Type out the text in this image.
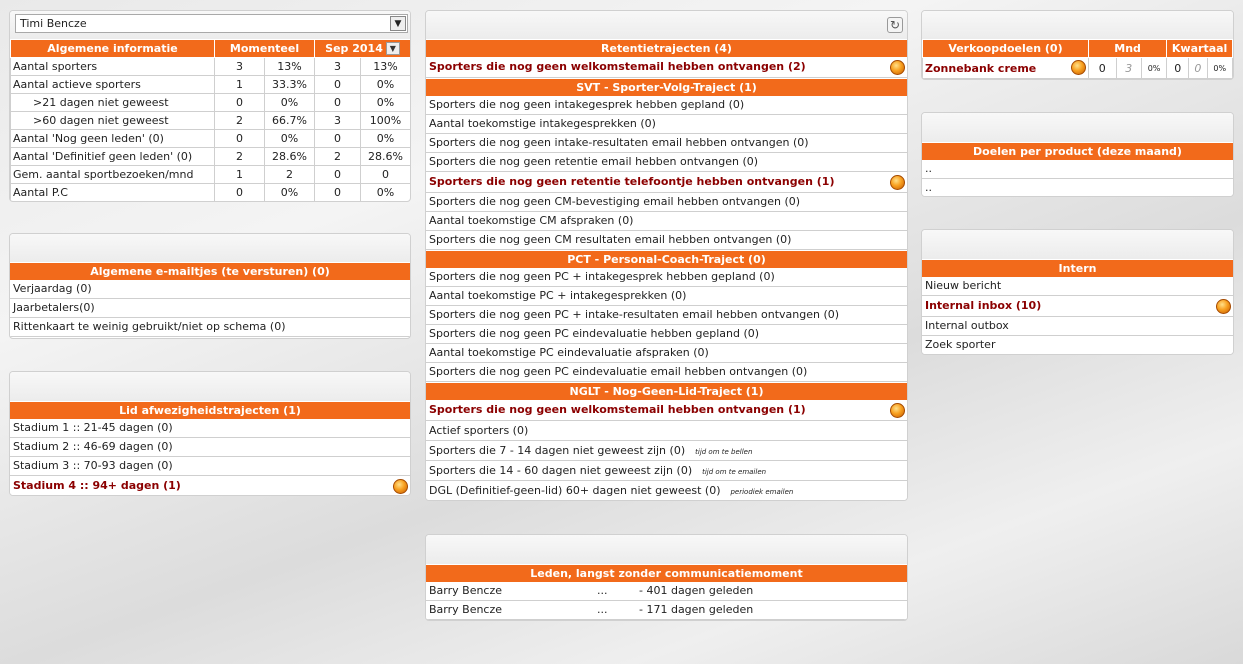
Timi Bencze	▼
Algemene informatie	Momenteel		Sep 2014 ▼	
Aantal sporters	3	13%	3	13%
Aantal actieve sporters	1	33.3%	0	0%
>21 dagen niet geweest	0	0%	0	0%
>60 dagen niet geweest	2	66.7%	3	100%
Aantal 'Nog geen leden' (0)	0	0%	0	0%
Aantal 'Definitief geen leden' (0)	2	28.6%	2	28.6%
Gem. aantal sportbezoeken/mnd	1	2	0	0
Aantal P.C	0	0%	0	0%
Algemene e-mailtjes (te versturen) (0)
Verjaardag (0)
Jaarbetalers(0)
Rittenkaart te weinig gebruikt/niet op schema (0)
Lid afwezigheidstrajecten (1)
Stadium 1 :: 21-45 dagen (0)
Stadium 2 :: 46-69 dagen (0)
Stadium 3 :: 70-93 dagen (0)
Stadium 4 :: 94+ dagen (1)
↻
Retentietrajecten (4)
Sporters die nog geen welkomstemail hebben ontvangen (2)
SVT - Sporter-Volg-Traject (1)
Sporters die nog geen intakegesprek hebben gepland (0)
Aantal toekomstige intakegesprekken (0)
Sporters die nog geen intake-resultaten email hebben ontvangen (0)
Sporters die nog geen retentie email hebben ontvangen (0)
Sporters die nog geen retentie telefoontje hebben ontvangen (1)
Sporters die nog geen CM-bevestiging email hebben ontvangen (0)
Aantal toekomstige CM afspraken (0)
Sporters die nog geen CM resultaten email hebben ontvangen (0)
PCT - Personal-Coach-Traject (0)
Sporters die nog geen PC + intakegesprek hebben gepland (0)
Aantal toekomstige PC + intakegesprekken (0)
Sporters die nog geen PC + intake-resultaten email hebben ontvangen (0)
Sporters die nog geen PC eindevaluatie hebben gepland (0)
Aantal toekomstige PC eindevaluatie afspraken (0)
Sporters die nog geen PC eindevaluatie email hebben ontvangen (0)
NGLT - Nog-Geen-Lid-Traject (1)
Sporters die nog geen welkomstemail hebben ontvangen (1)
Actief sporters (0)
Sporters die 7 - 14 dagen niet geweest zijn (0) tijd om te bellen
Sporters die 14 - 60 dagen niet geweest zijn (0) tijd om te emailen
DGL (Definitief-geen-lid) 60+ dagen niet geweest (0) periodiek emailen
Leden, langst zonder communicatiemoment
Barry Bencze	...	- 401 dagen geleden
Barry Bencze	...	- 171 dagen geleden
Verkoopdoelen (0)	Mnd			Kwartaal		
Zonnebank creme	0	3	0%	0	0	0%
Doelen per product (deze maand)
..
..
Intern
Nieuw bericht
Internal inbox (10)
Internal outbox
Zoek sporter
